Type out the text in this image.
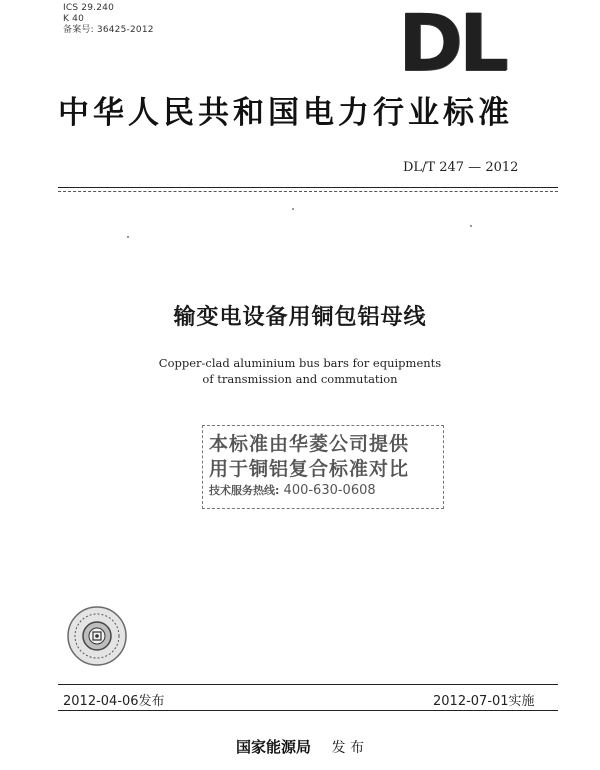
ICS 29.240
K 40
备案号: 36425-2012	DL
中华人民共和国电力行业标准
DL/T 247 — 2012
输变电设备用铜包铝母线
Copper-clad aluminium bus bars for equipments
of transmission and commutation
本标准由华菱公司提供
用于铜铝复合标准对比
技术服务热线: 400-630-0608
2012-04-06发布	2012-07-01实施
国家能源局 发 布
